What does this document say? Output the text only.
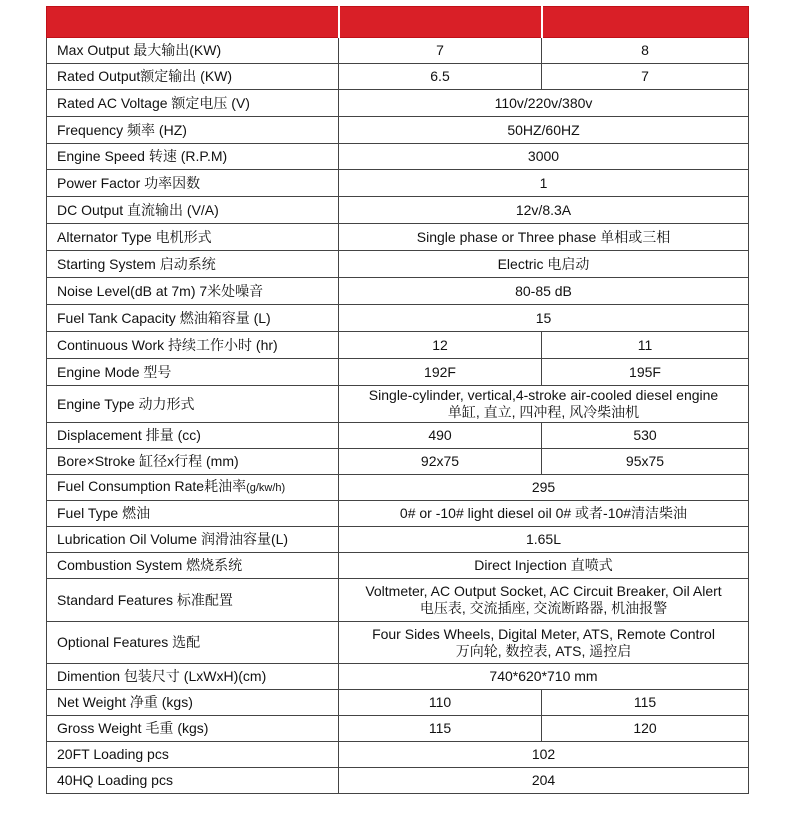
Max Output 最大输出(KW)	7	8
Rated Output额定输出 (KW)	6.5	7
Rated AC Voltage 额定电压 (V)	110v/220v/380v	
Frequency 频率 (HZ)	50HZ/60HZ	
Engine Speed 转速 (R.P.M)	3000	
Power Factor 功率因数	1	
DC Output 直流输出 (V/A)	12v/8.3A	
Alternator Type 电机形式	Single phase or Three phase 单相或三相	
Starting System 启动系统	Electric 电启动	
Noise Level(dB at 7m) 7米处噪音	80-85 dB	
Fuel Tank Capacity 燃油箱容量 (L)	15	
Continuous Work 持续工作小时 (hr)	12	11
Engine Mode 型号	192F	195F
Engine Type 动力形式	Single-cylinder, vertical,4-stroke air-cooled diesel engine
单缸, 直立, 四冲程, 风冷柴油机	
Displacement 排量 (cc)	490	530
Bore×Stroke 缸径x行程 (mm)	92x75	95x75
Fuel Consumption Rate耗油率(g/kw/h)	295	
Fuel Type 燃油	0# or -10# light diesel oil 0# 或者-10#清洁柴油	
Lubrication Oil Volume 润滑油容量(L)	1.65L	
Combustion System 燃烧系统	Direct Injection 直喷式	
Standard Features 标准配置	Voltmeter, AC Output Socket, AC Circuit Breaker, Oil Alert
电压表, 交流插座, 交流断路器, 机油报警	
Optional Features 选配	Four Sides Wheels, Digital Meter, ATS, Remote Control
万向轮, 数控表, ATS, 遥控启	
Dimention 包装尺寸 (LxWxH)(cm)	740*620*710 mm	
Net Weight 净重 (kgs)	110	115
Gross Weight 毛重 (kgs)	115	120
20FT Loading pcs	102	
40HQ Loading pcs	204	
